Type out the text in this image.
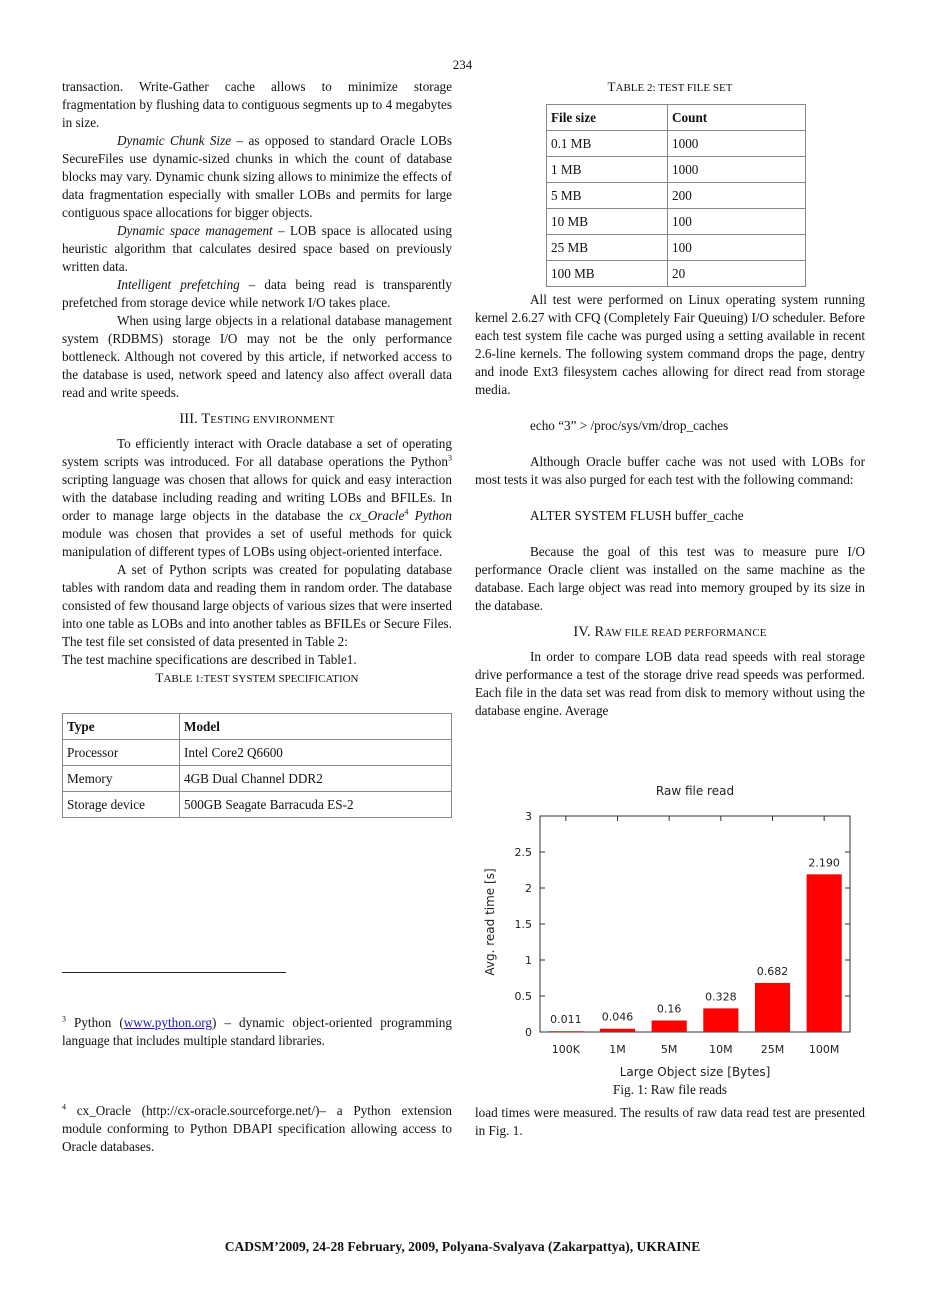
234

transaction. Write-Gather cache allows to minimize storage fragmentation by flushing data to contiguous segments up to 4 megabytes in size.

Dynamic Chunk Size – as opposed to standard Oracle LOBs SecureFiles use dynamic-sized chunks in which the count of database blocks may vary. Dynamic chunk sizing allows to minimize the effects of data fragmentation especially with smaller LOBs and permits for large contiguous space allocations for bigger objects.

Dynamic space management – LOB space is allocated using heuristic algorithm that calculates desired space based on previously written data.

Intelligent prefetching – data being read is transparently prefetched from storage device while network I/O takes place.

When using large objects in a relational database management system (RDBMS) storage I/O may not be the only performance bottleneck. Although not covered by this article, if networked access to the database is used, network speed and latency also affect overall data read and write speeds.

III. TESTING ENVIRONMENT

To efficiently interact with Oracle database a set of operating system scripts was introduced. For all database operations the Python$^3$ scripting language was chosen that allows for quick and easy interaction with the database including reading and writing LOBs and BFILEs. In order to manage large objects in the database the cx_Oracle$^4$ Python module was chosen that provides a set of useful methods for quick manipulation of different types of LOBs using object-oriented interface.

A set of Python scripts was created for populating database tables with random data and reading them in random order. The database consisted of few thousand large objects of various sizes that were inserted into one table as LOBs and into another tables as BFILEs or Secure Files. The test file set consisted of data presented in Table 2:

The test machine specifications are described in Table1.

TABLE 1:TEST SYSTEM SPECIFICATION

Type	Model
Processor	Intel Core2 Q6600
Memory	4GB Dual Channel DDR2
Storage device	500GB Seagate Barracuda ES-2
$^3$ Python (www.python.org) – dynamic object-oriented programming language that includes multiple standard libraries.
$^4$ cx_Oracle (http://cx-oracle.sourceforge.net/)– a Python extension module conforming to Python DBAPI specification allowing access to Oracle databases.

TABLE 2: TEST FILE SET

File size	Count
0.1 MB	1000
1 MB	1000
5 MB	200
10 MB	100
25 MB	100
100 MB	20

All test were performed on Linux operating system running kernel 2.6.27 with CFQ (Completely Fair Queuing) I/O scheduler. Before each test system file cache was purged using a setting available in recent 2.6-line kernels. The following system command drops the page, dentry and inode Ext3 filesystem caches allowing for direct read from storage media.

echo “3” > /proc/sys/vm/drop_caches

Although Oracle buffer cache was not used with LOBs for most tests it was also purged for each test with the following command:

ALTER SYSTEM FLUSH buffer_cache

Because the goal of this test was to measure pure I/O performance Oracle client was installed on the same machine as the database. Each large object was read into memory grouped by its size in the database.

IV. RAW FILE READ PERFORMANCE

In order to compare LOB data read speeds with real storage drive performance a test of the storage drive read speeds was performed. Each file in the data set was read from disk to memory without using the database engine. Average

Raw file read
Avg. read time [s]
Large Object size [Bytes]
0
0.5
1
1.5
2
2.5
3
0.011
100K
0.046
1M
0.16
5M
0.328
10M
0.682
25M
2.190
100M
Fig. 1: Raw file reads
load times were measured. The results of raw data read test are presented in Fig. 1.
CADSM’2009, 24-28 February, 2009, Polyana-Svalyava (Zakarpattya), UKRAINE
